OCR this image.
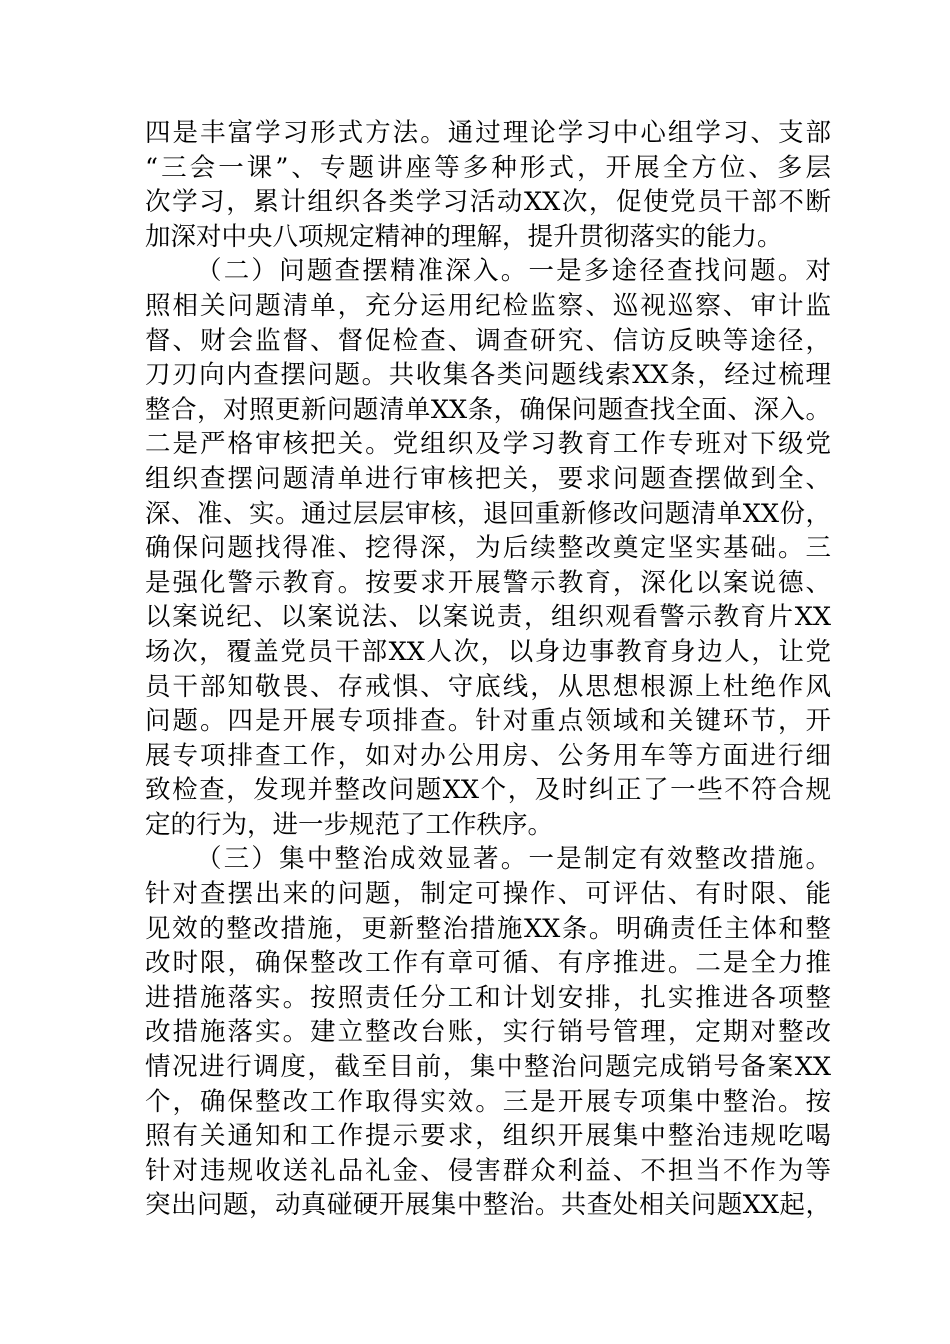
四是丰富学习形式方法。通过理论学习中心组学习、支部
“三会一课”、专题讲座等多种形式，开展全方位、多层
次学习，累计组织各类学习活动XX次，促使党员干部不断
加深对中央八项规定精神的理解，提升贯彻落实的能力。
（二）问题查摆精准深入。一是多途径查找问题。对
照相关问题清单，充分运用纪检监察、巡视巡察、审计监
督、财会监督、督促检查、调查研究、信访反映等途径，
刀刃向内查摆问题。共收集各类问题线索XX条，经过梳理
整合，对照更新问题清单XX条，确保问题查找全面、深入。
二是严格审核把关。党组织及学习教育工作专班对下级党
组织查摆问题清单进行审核把关，要求问题查摆做到全、
深、准、实。通过层层审核，退回重新修改问题清单XX份，
确保问题找得准、挖得深，为后续整改奠定坚实基础。三
是强化警示教育。按要求开展警示教育，深化以案说德、
以案说纪、以案说法、以案说责，组织观看警示教育片XX
场次，覆盖党员干部XX人次，以身边事教育身边人，让党
员干部知敬畏、存戒惧、守底线，从思想根源上杜绝作风
问题。四是开展专项排查。针对重点领域和关键环节，开
展专项排查工作，如对办公用房、公务用车等方面进行细
致检查，发现并整改问题XX个，及时纠正了一些不符合规
定的行为，进一步规范了工作秩序。
（三）集中整治成效显著。一是制定有效整改措施。
针对查摆出来的问题，制定可操作、可评估、有时限、能
见效的整改措施，更新整治措施XX条。明确责任主体和整
改时限，确保整改工作有章可循、有序推进。二是全力推
进措施落实。按照责任分工和计划安排，扎实推进各项整
改措施落实。建立整改台账，实行销号管理，定期对整改
情况进行调度，截至目前，集中整治问题完成销号备案XX
个，确保整改工作取得实效。三是开展专项集中整治。按
照有关通知和工作提示要求，组织开展集中整治违规吃喝
针对违规收送礼品礼金、侵害群众利益、不担当不作为等
突出问题，动真碰硬开展集中整治。共查处相关问题XX起，
